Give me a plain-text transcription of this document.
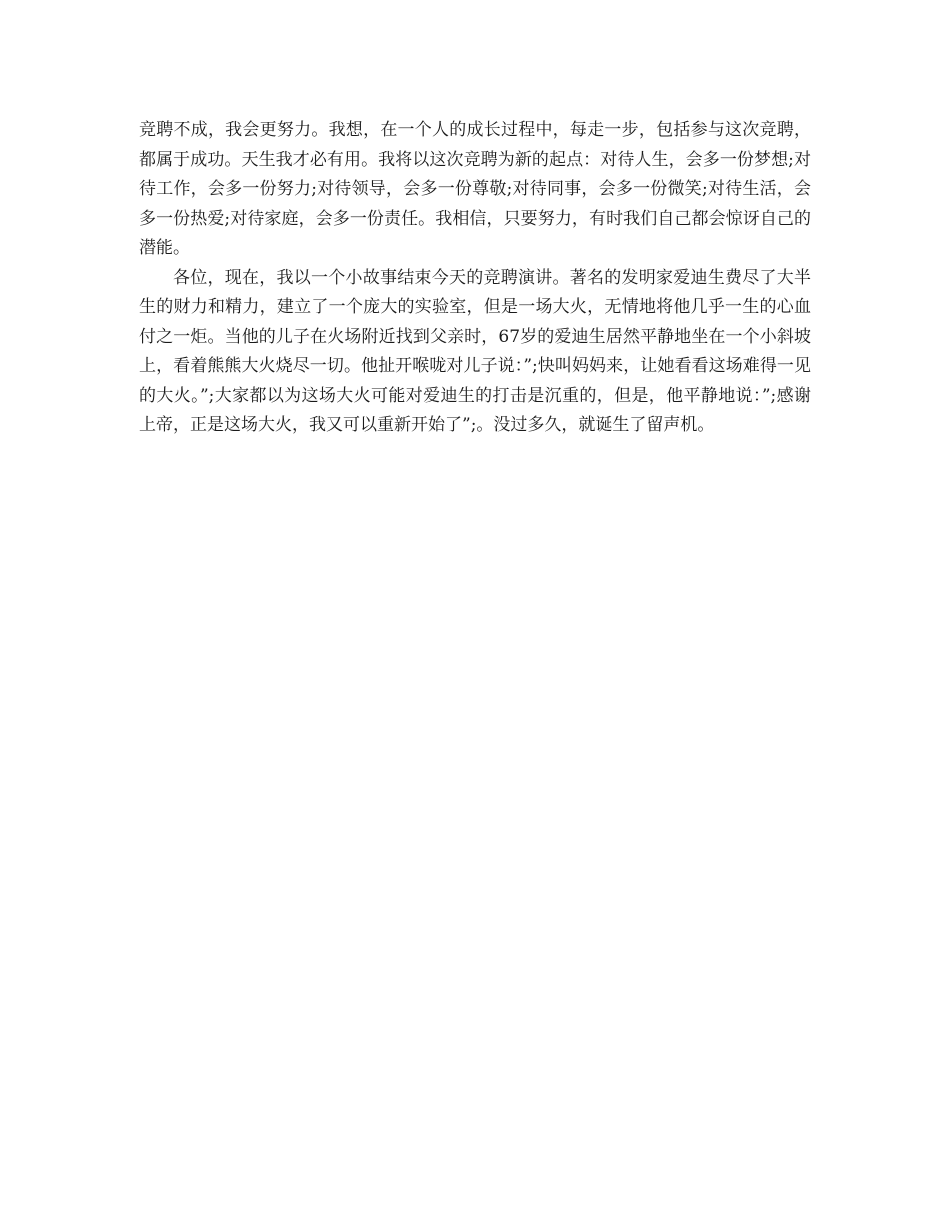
竞聘不成，我会更努力。我想，在一个人的成长过程中，每走一步，包括参与这次竞聘，都属于成功。天生我才必有用。我将以这次竞聘为新的起点：对待人生，会多一份梦想;对待工作，会多一份努力;对待领导，会多一份尊敬;对待同事，会多一份微笑;对待生活，会多一份热爱;对待家庭，会多一份责任。我相信，只要努力，有时我们自己都会惊讶自己的潜能。

各位，现在，我以一个小故事结束今天的竞聘演讲。著名的发明家爱迪生费尽了大半生的财力和精力，建立了一个庞大的实验室，但是一场大火，无情地将他几乎一生的心血付之一炬。当他的儿子在火场附近找到父亲时，67岁的爱迪生居然平静地坐在一个小斜坡上，看着熊熊大火烧尽一切。他扯开喉咙对儿子说：”;快叫妈妈来，让她看看这场难得一见的大火。”;大家都以为这场大火可能对爱迪生的打击是沉重的，但是，他平静地说：”;感谢上帝，正是这场大火，我又可以重新开始了”;。没过多久，就诞生了留声机。
